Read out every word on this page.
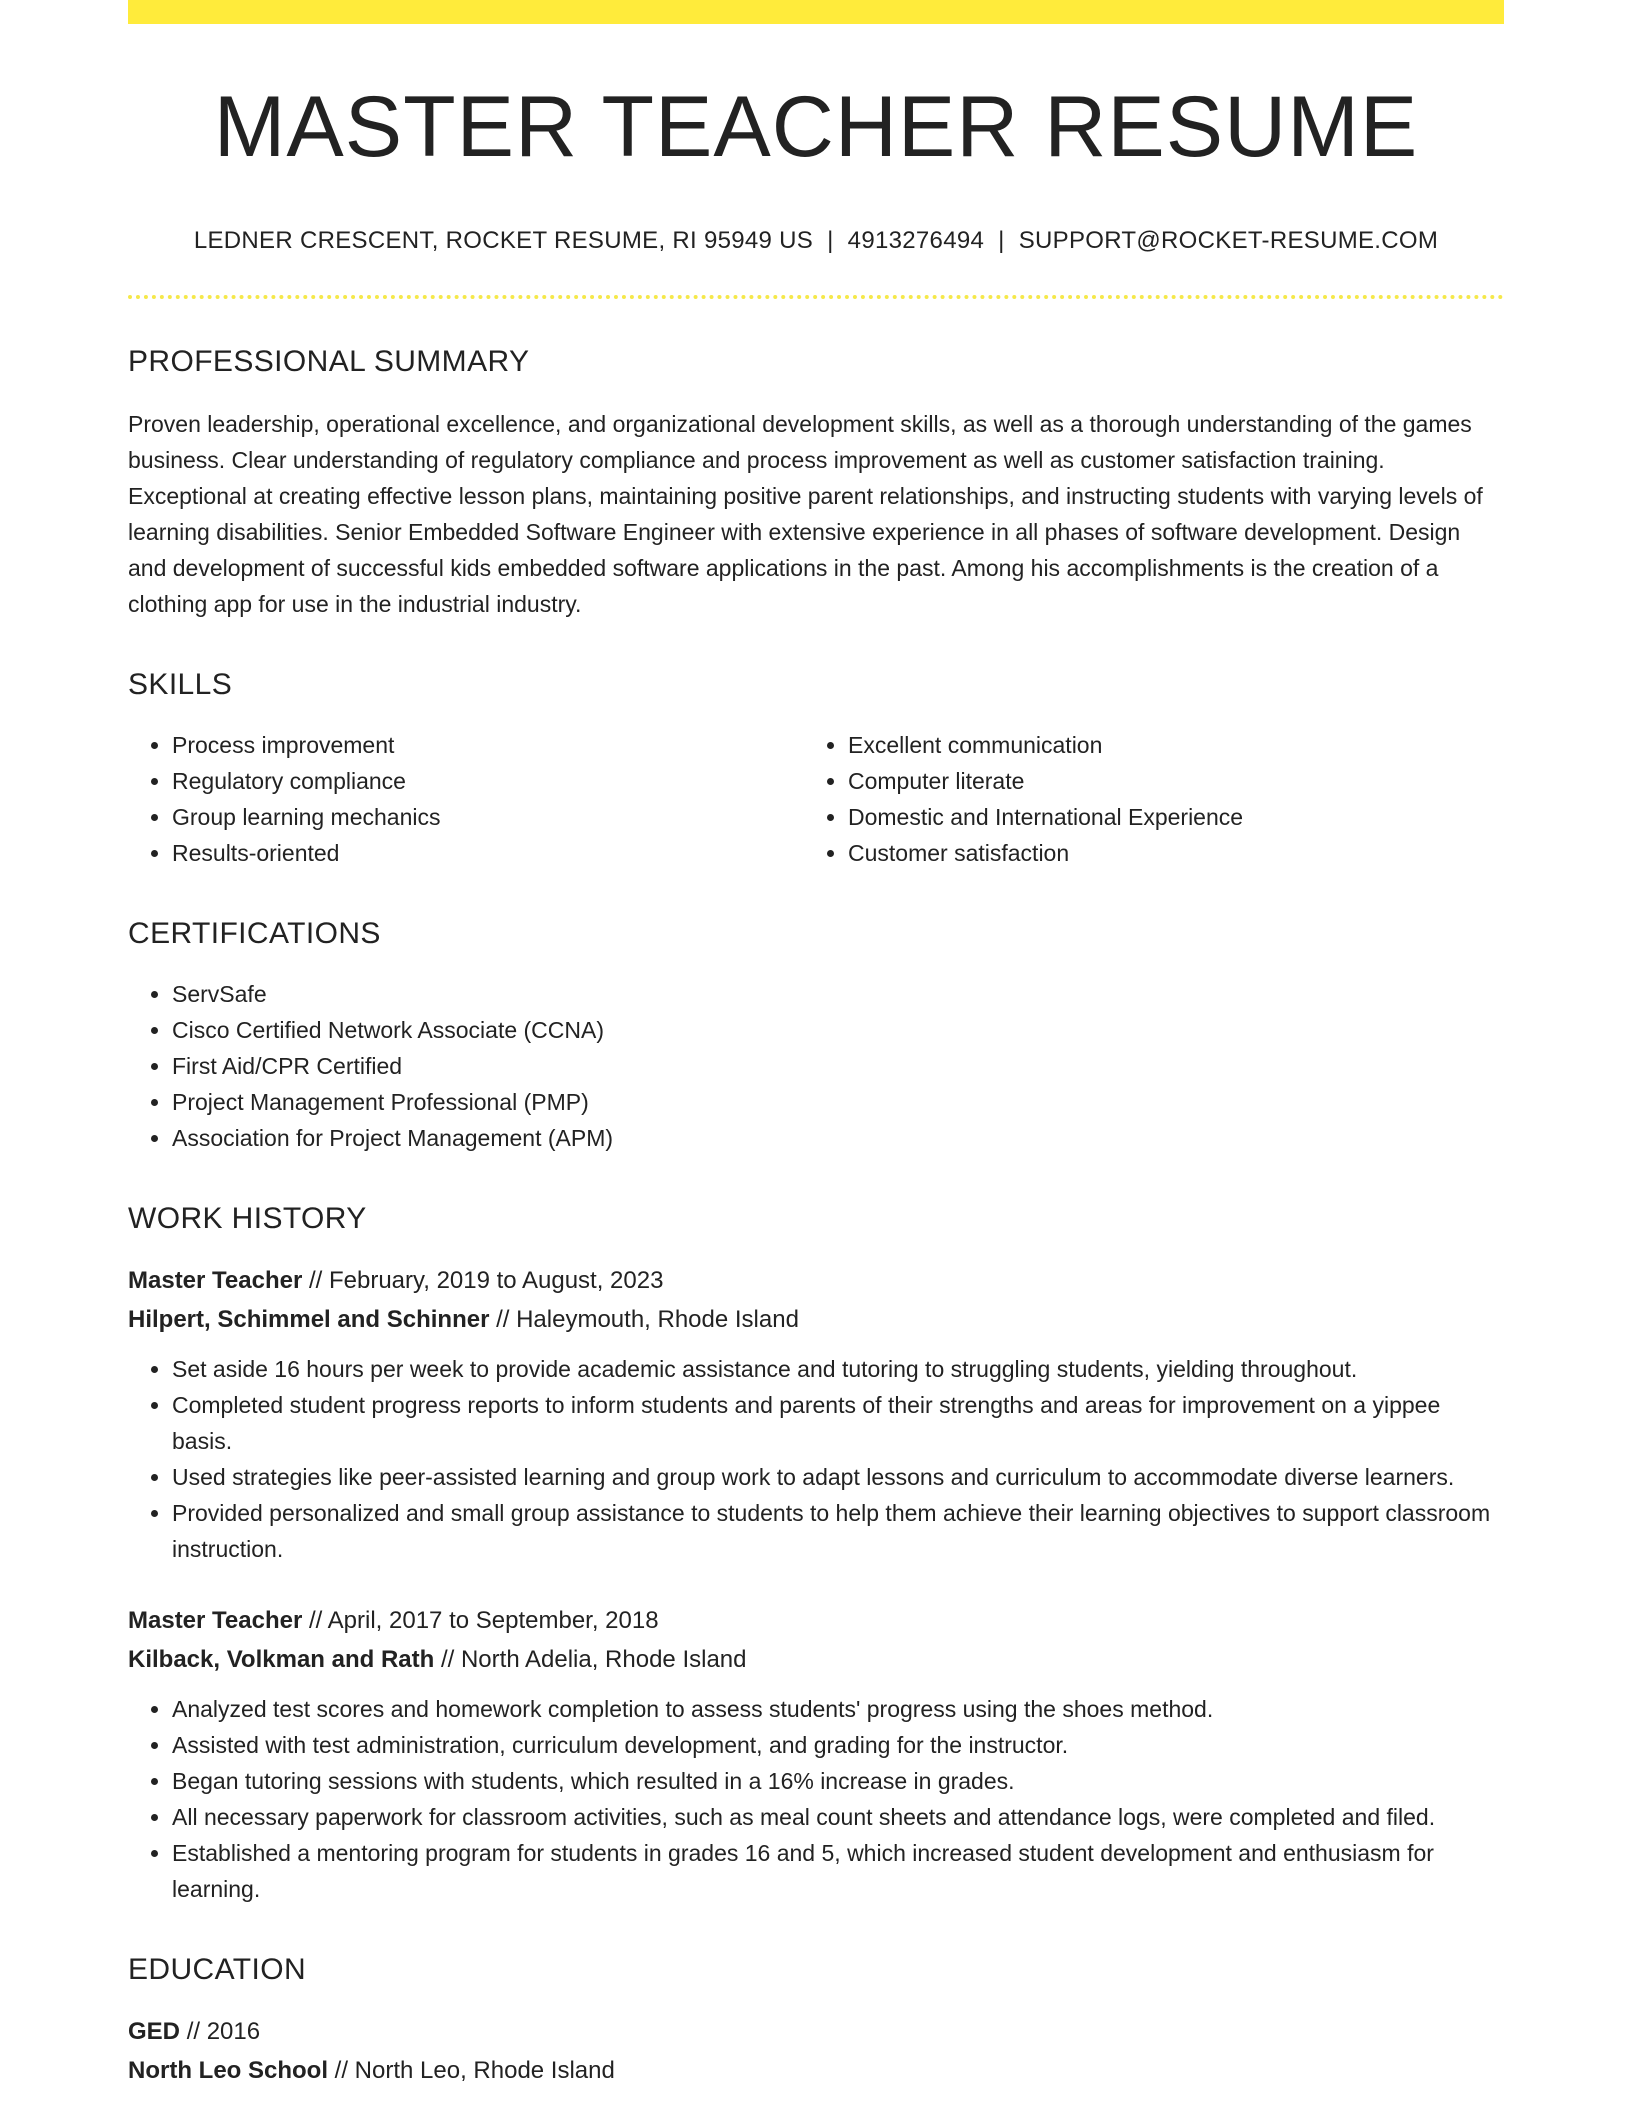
MASTER TEACHER RESUME
LEDNER CRESCENT, ROCKET RESUME, RI 95949 US | 4913276494 | SUPPORT@ROCKET-RESUME.COM
PROFESSIONAL SUMMARY
Proven leadership, operational excellence, and organizational development skills, as well as a thorough understanding of the games business. Clear understanding of regulatory compliance and process improvement as well as customer satisfaction training. Exceptional at creating effective lesson plans, maintaining positive parent relationships, and instructing students with varying levels of learning disabilities. Senior Embedded Software Engineer with extensive experience in all phases of software development. Design and development of successful kids embedded software applications in the past. Among his accomplishments is the creation of a clothing app for use in the industrial industry.
SKILLS
• Process improvement
• Regulatory compliance
• Group learning mechanics
• Results-oriented
• Excellent communication
• Computer literate
• Domestic and International Experience
• Customer satisfaction
CERTIFICATIONS
• ServSafe
• Cisco Certified Network Associate (CCNA)
• First Aid/CPR Certified
• Project Management Professional (PMP)
• Association for Project Management (APM)
WORK HISTORY
Master Teacher // February, 2019 to August, 2023
Hilpert, Schimmel and Schinner // Haleymouth, Rhode Island
• Set aside 16 hours per week to provide academic assistance and tutoring to struggling students, yielding throughout.
• Completed student progress reports to inform students and parents of their strengths and areas for improvement on a yippee basis.
• Used strategies like peer-assisted learning and group work to adapt lessons and curriculum to accommodate diverse learners.
• Provided personalized and small group assistance to students to help them achieve their learning objectives to support classroom instruction.
Master Teacher // April, 2017 to September, 2018
Kilback, Volkman and Rath // North Adelia, Rhode Island
• Analyzed test scores and homework completion to assess students' progress using the shoes method.
• Assisted with test administration, curriculum development, and grading for the instructor.
• Began tutoring sessions with students, which resulted in a 16% increase in grades.
• All necessary paperwork for classroom activities, such as meal count sheets and attendance logs, were completed and filed.
• Established a mentoring program for students in grades 16 and 5, which increased student development and enthusiasm for learning.
EDUCATION
GED // 2016
North Leo School // North Leo, Rhode Island
